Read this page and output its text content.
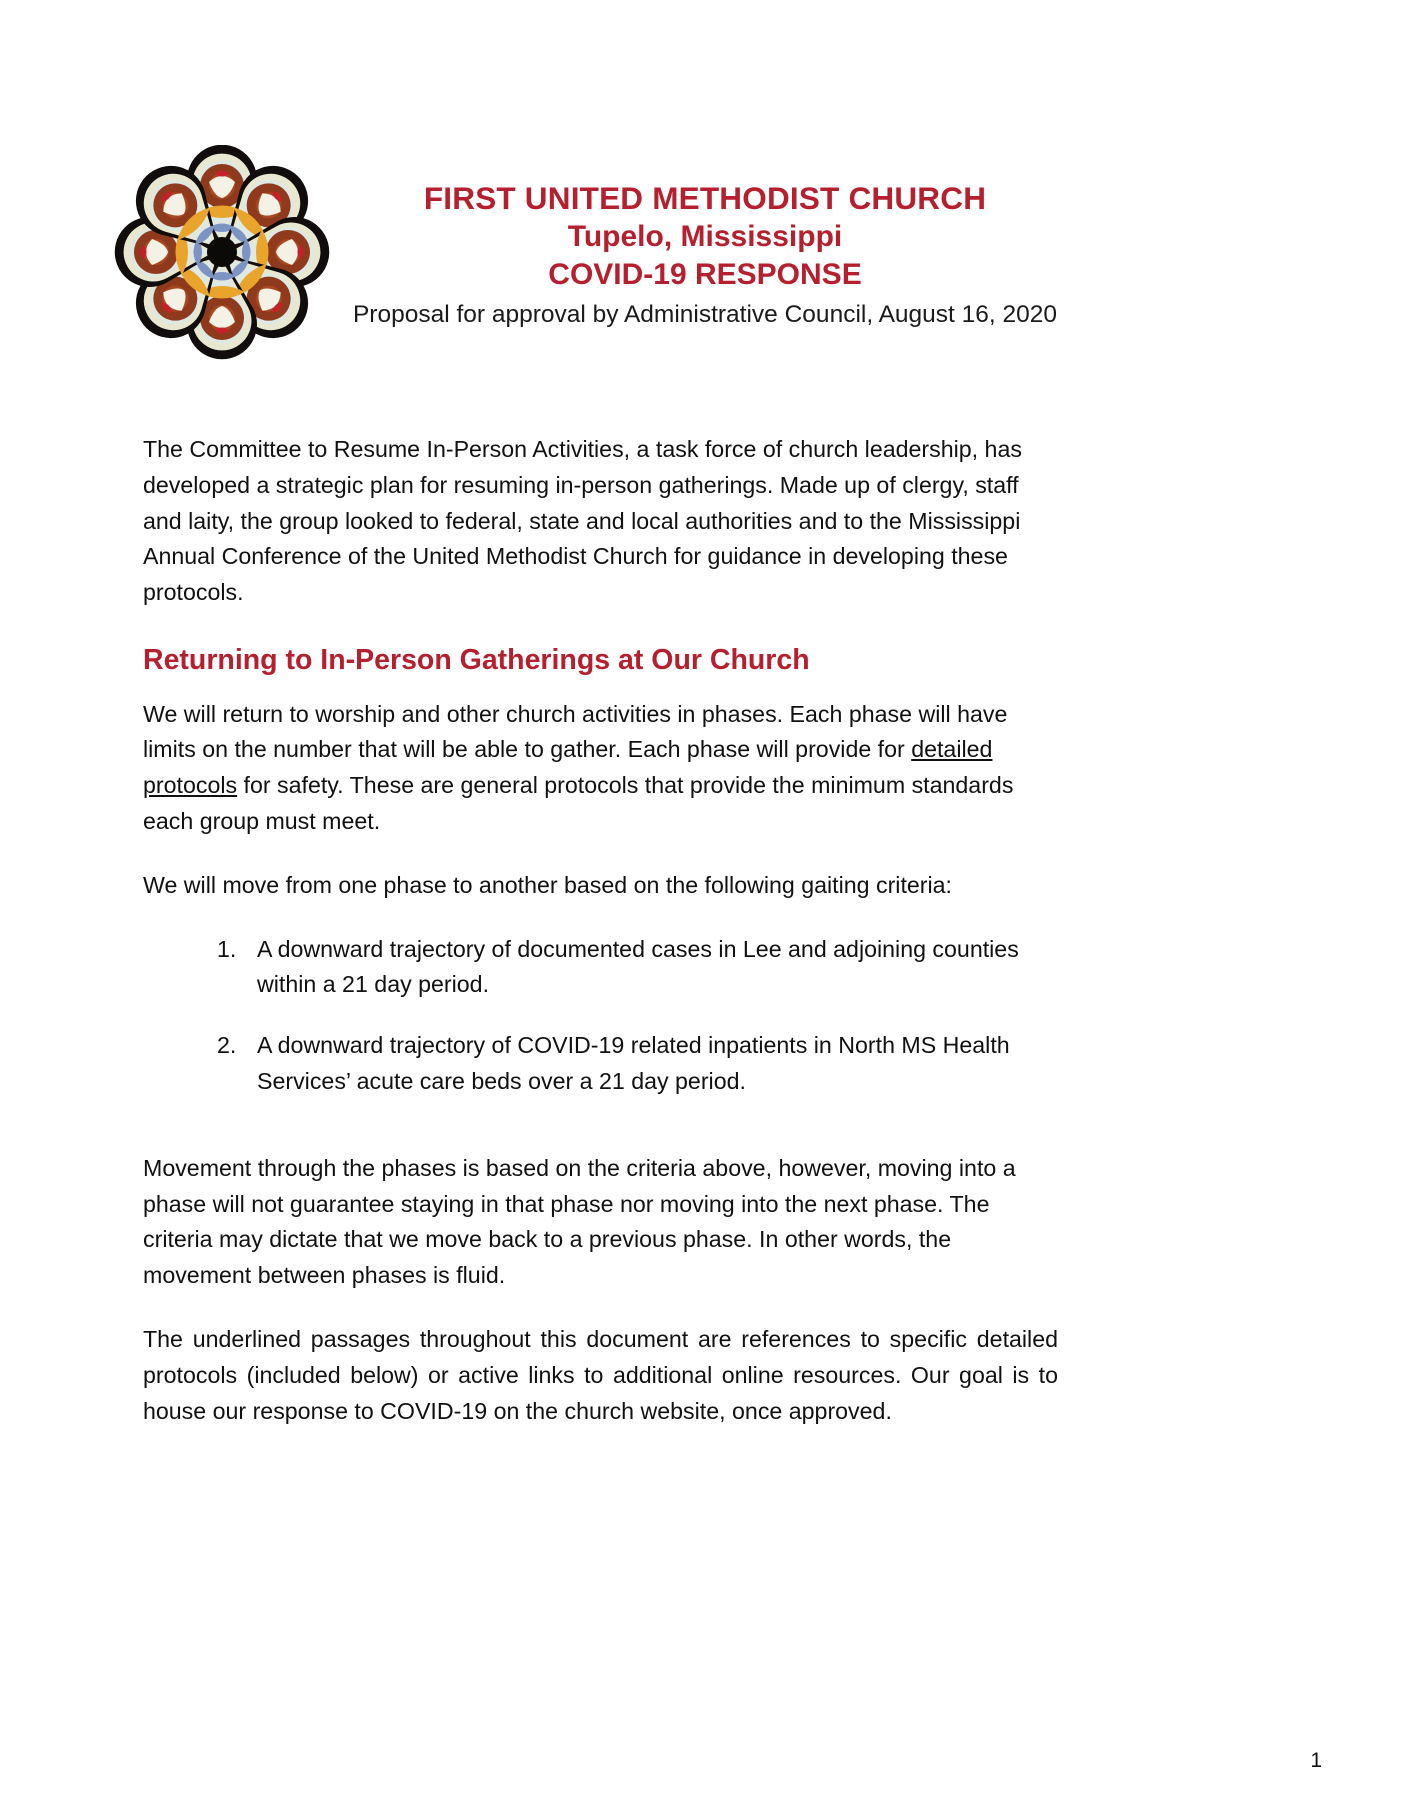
FIRST UNITED METHODIST CHURCH
Tupelo, Mississippi
COVID-19 RESPONSE
Proposal for approval by Administrative Council, August 16, 2020

The Committee to Resume In-Person Activities, a task force of church leadership, has developed a strategic plan for resuming in-person gatherings. Made up of clergy, staff and laity, the group looked to federal, state and local authorities and to the Mississippi Annual Conference of the United Methodist Church for guidance in developing these protocols.

Returning to In-Person Gatherings at Our Church

We will return to worship and other church activities in phases. Each phase will have limits on the number that will be able to gather. Each phase will provide for detailed protocols for safety. These are general protocols that provide the minimum standards each group must meet.

We will move from one phase to another based on the following gaiting criteria:

A downward trajectory of documented cases in Lee and adjoining counties within a 21 day period.
A downward trajectory of COVID-19 related inpatients in North MS Health Services’ acute care beds over a 21 day period.

Movement through the phases is based on the criteria above, however, moving into a phase will not guarantee staying in that phase nor moving into the next phase. The criteria may dictate that we move back to a previous phase. In other words, the movement between phases is fluid.

The underlined passages throughout this document are references to specific detailed protocols (included below) or active links to additional online resources. Our goal is to house our response to COVID-19 on the church website, once approved.

1
